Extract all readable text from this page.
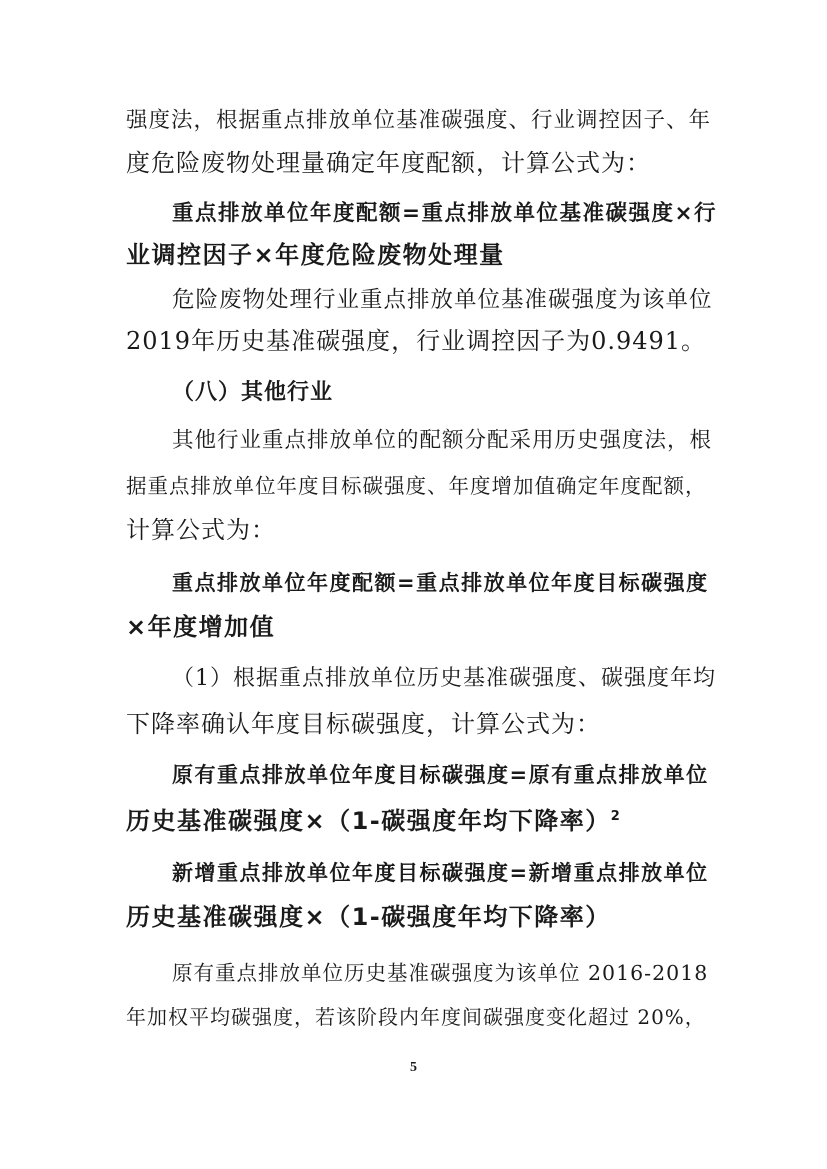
强度法，根据重点排放单位基准碳强度、行业调控因子、年
度危险废物处理量确定年度配额，计算公式为：
重点排放单位年度配额=重点排放单位基准碳强度×行
业调控因子×年度危险废物处理量
危险废物处理行业重点排放单位基准碳强度为该单位
2019年历史基准碳强度，行业调控因子为0.9491。
（八）其他行业
其他行业重点排放单位的配额分配采用历史强度法，根
据重点排放单位年度目标碳强度、年度增加值确定年度配额，
计算公式为：
重点排放单位年度配额=重点排放单位年度目标碳强度
×年度增加值
（1）根据重点排放单位历史基准碳强度、碳强度年均
下降率确认年度目标碳强度，计算公式为：
原有重点排放单位年度目标碳强度=原有重点排放单位
历史基准碳强度×（1-碳强度年均下降率）$^2$
新增重点排放单位年度目标碳强度=新增重点排放单位
历史基准碳强度×（1-碳强度年均下降率）
原有重点排放单位历史基准碳强度为该单位 2016-2018
年加权平均碳强度，若该阶段内年度间碳强度变化超过 20%，
5
